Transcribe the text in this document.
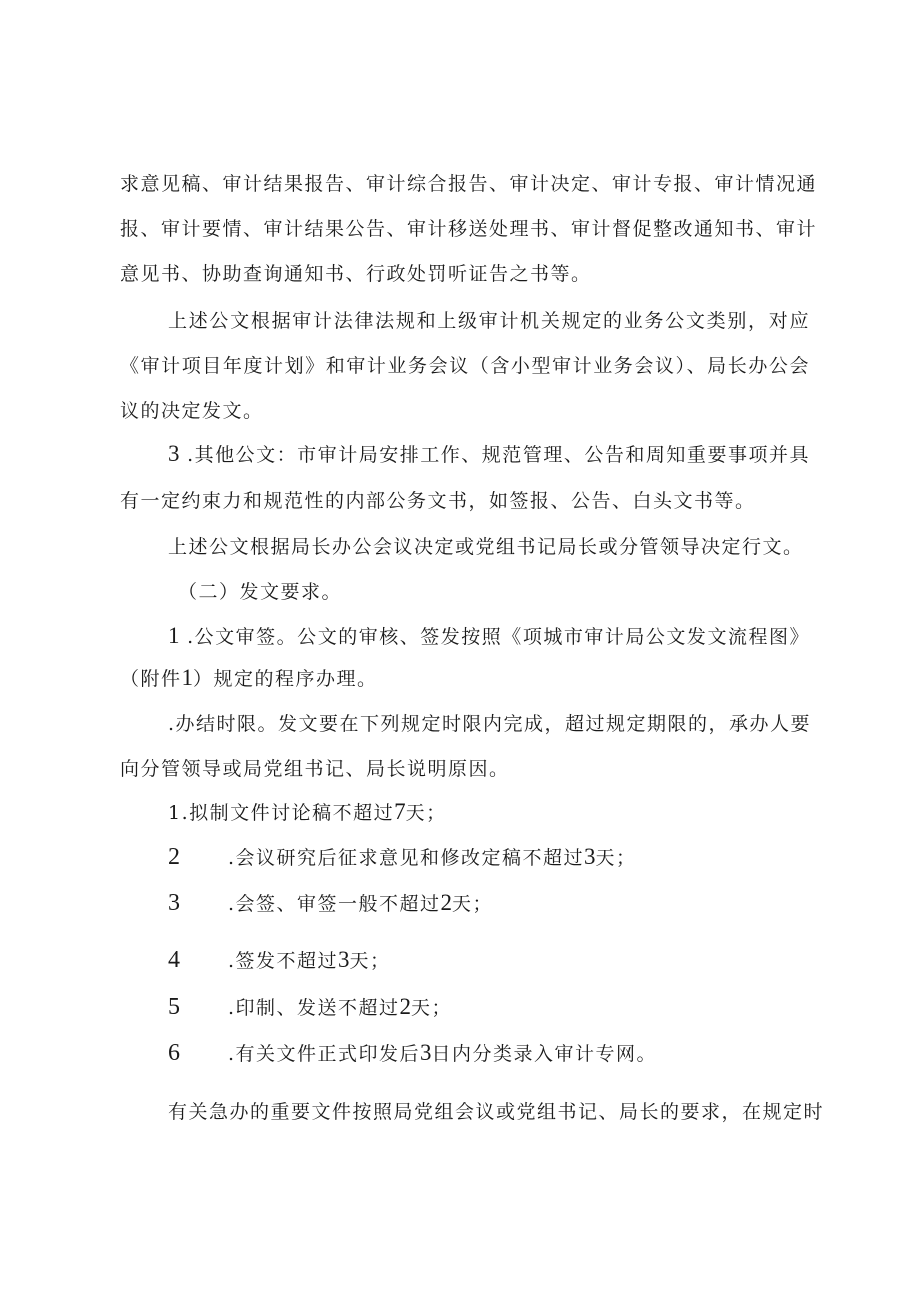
求意见稿、审计结果报告、审计综合报告、审计决定、审计专报、审计情况通
报、审计要情、审计结果公告、审计移送处理书、审计督促整改通知书、审计
意见书、协助查询通知书、行政处罚听证告之书等。
上述公文根据审计法律法规和上级审计机关规定的业务公文类别，对应
《审计项目年度计划》和审计业务会议（含小型审计业务会议）、局长办公会
议的决定发文。
3 .其他公文：市审计局安排工作、规范管理、公告和周知重要事项并具
有一定约束力和规范性的内部公务文书，如签报、公告、白头文书等。
上述公文根据局长办公会议决定或党组书记局长或分管领导决定行文。
（二）发文要求。
1 .公文审签。公文的审核、签发按照《项城市审计局公文发文流程图》
（附件1）规定的程序办理。
.办结时限。发文要在下列规定时限内完成，超过规定期限的，承办人要
向分管领导或局党组书记、局长说明原因。
1.拟制文件讨论稿不超过7天；
2	.会议研究后征求意见和修改定稿不超过3天；
3	.会签、审签一般不超过2天；
4	.签发不超过3天；
5	.印制、发送不超过2天；
6	.有关文件正式印发后3日内分类录入审计专网。
有关急办的重要文件按照局党组会议或党组书记、局长的要求，在规定时
